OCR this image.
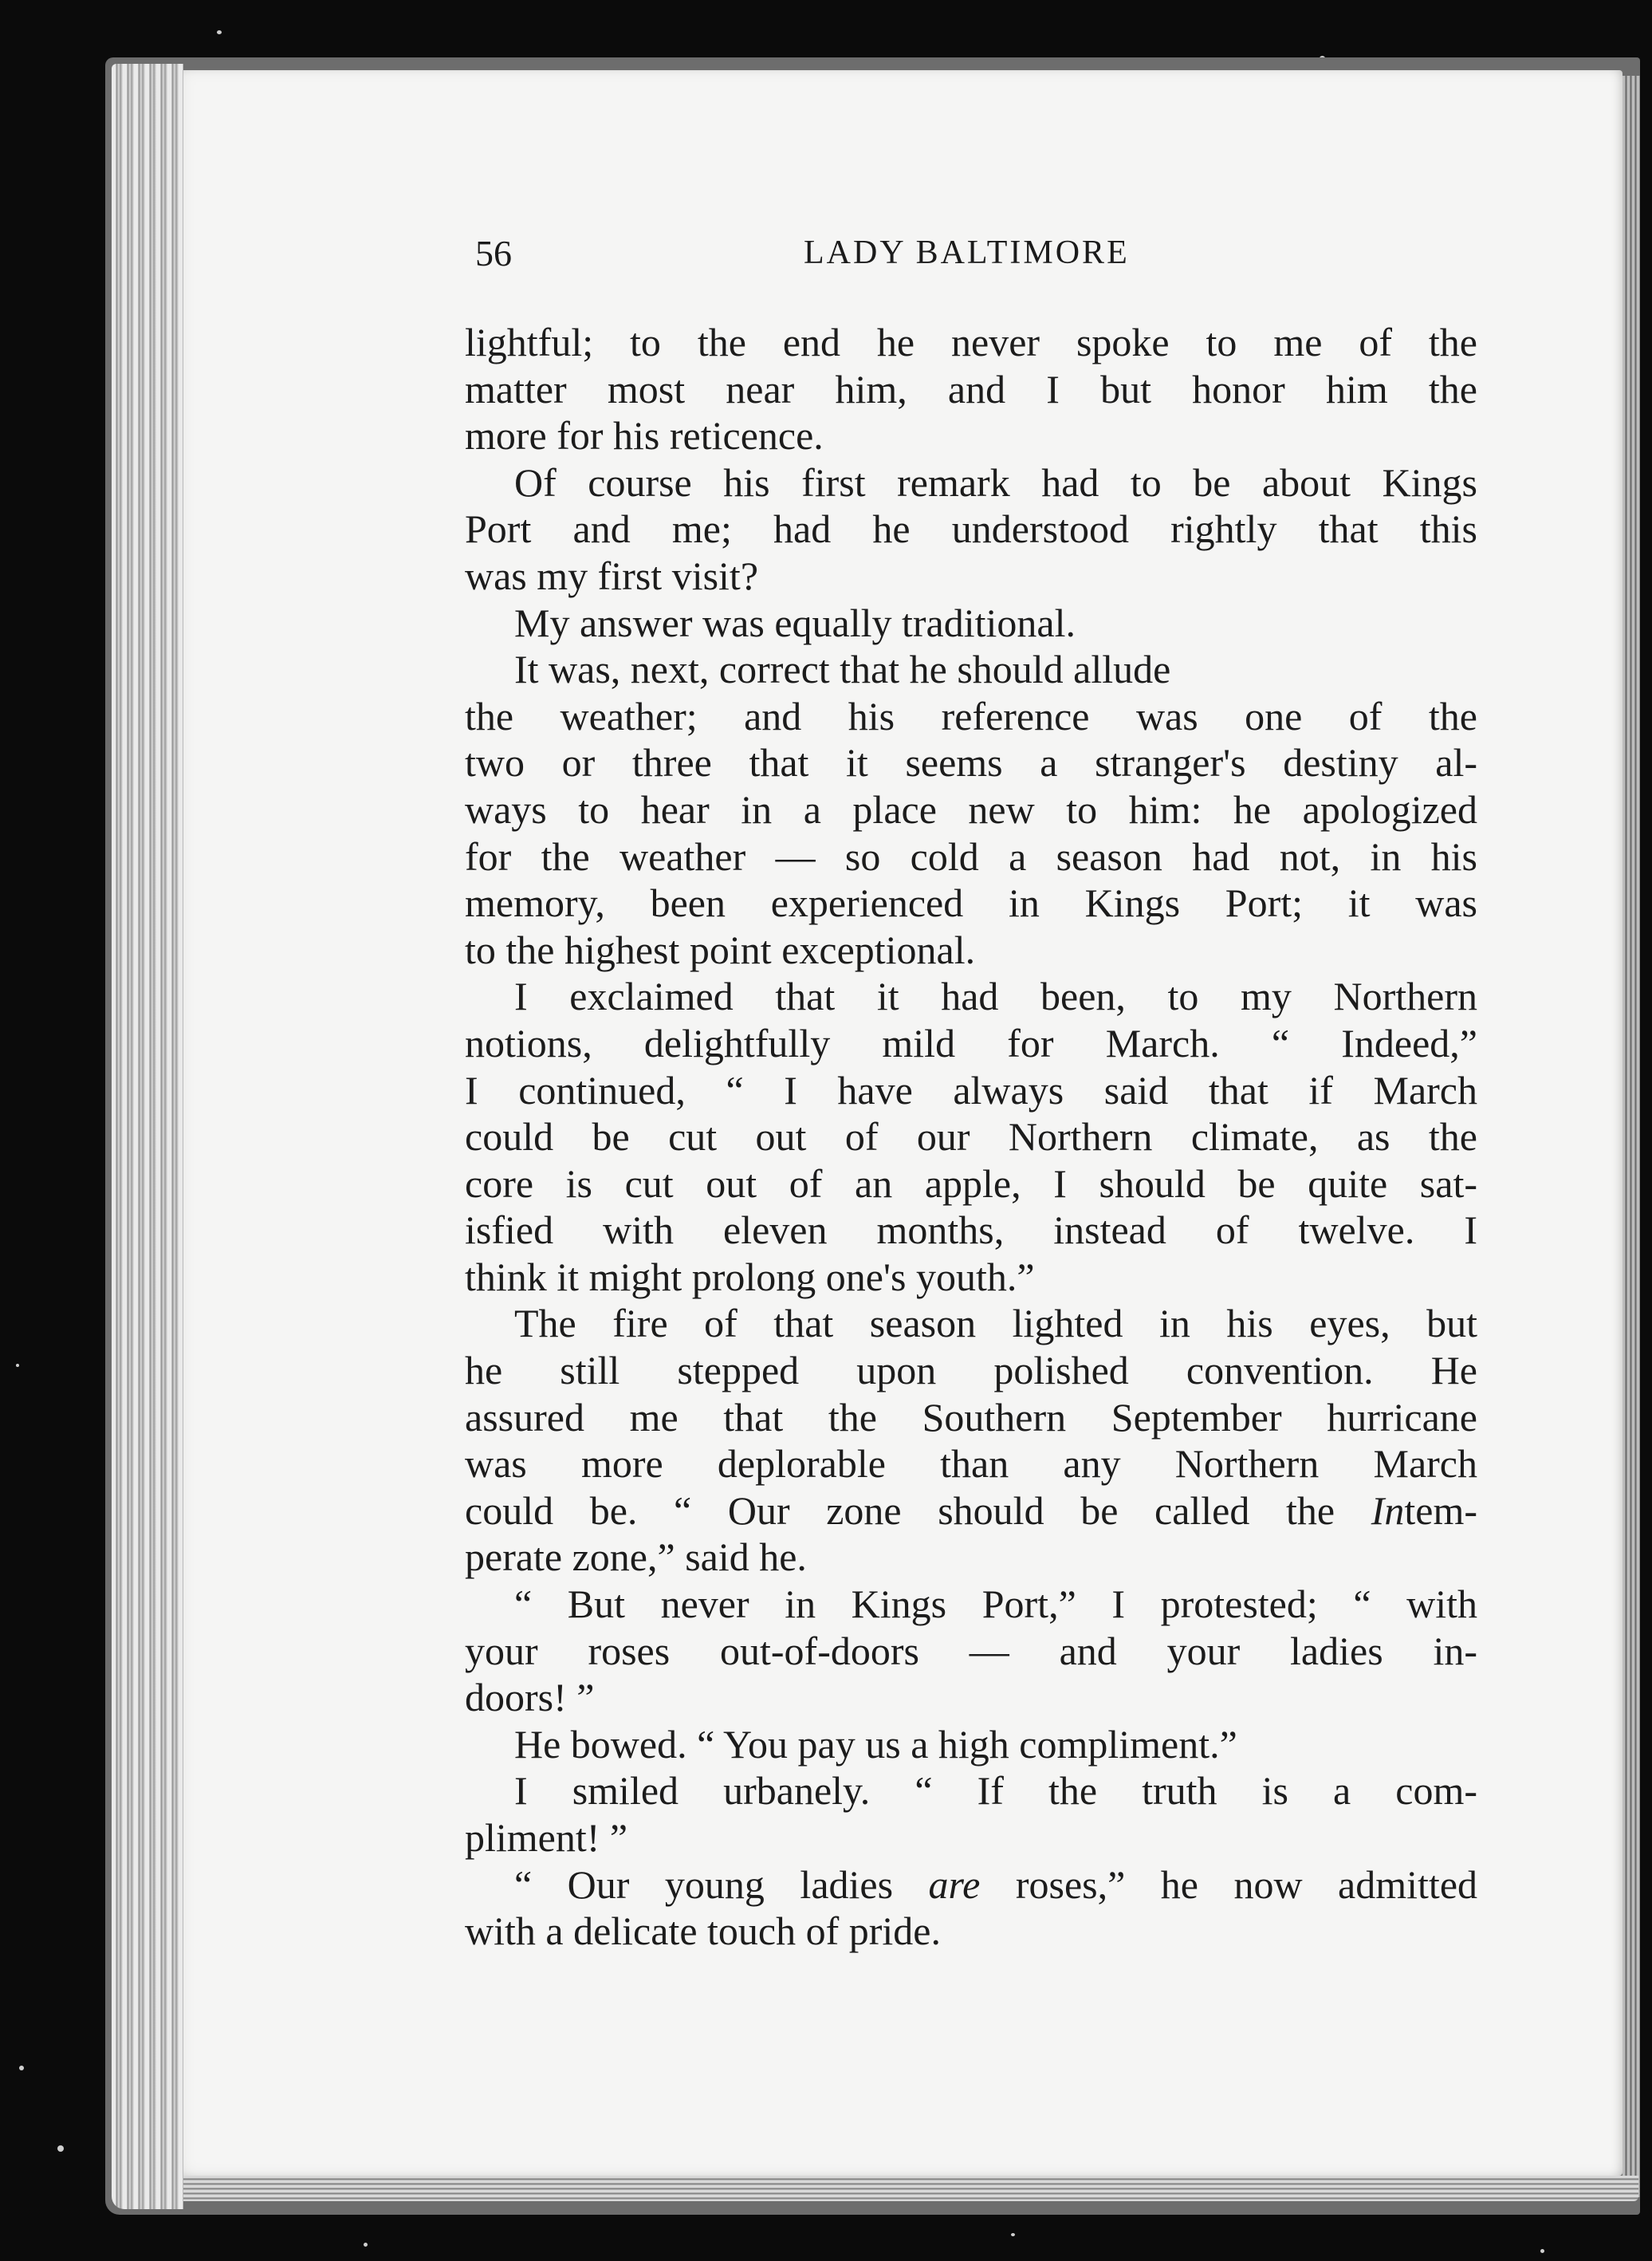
56	LADY BALTIMORE
lightful; to the end he never spoke to me of the
matter most near him, and I but honor him the
more for his reticence.
Of course his first remark had to be about Kings
Port and me; had he understood rightly that this
was my first visit?
My answer was equally traditional.
It was, next, correct that he should allude
the weather; and his reference was one of the
two or three that it seems a stranger's destiny al-
ways to hear in a place new to him: he apologized
for the weather — so cold a season had not, in his
memory, been experienced in Kings Port; it was
to the highest point exceptional.
I exclaimed that it had been, to my Northern
notions, delightfully mild for March. “ Indeed,”
I continued, “ I have always said that if March
could be cut out of our Northern climate, as the
core is cut out of an apple, I should be quite sat-
isfied with eleven months, instead of twelve. I
think it might prolong one's youth.”
The fire of that season lighted in his eyes, but
he still stepped upon polished convention. He
assured me that the Southern September hurricane
was more deplorable than any Northern March
could be. “ Our zone should be called the Intem-
perate zone,” said he.
“ But never in Kings Port,” I protested; “ with
your roses out-of-doors — and your ladies in-
doors! ”
He bowed. “ You pay us a high compliment.”
I smiled urbanely. “ If the truth is a com-
pliment! ”
“ Our young ladies are roses,” he now admitted
with a delicate touch of pride.
